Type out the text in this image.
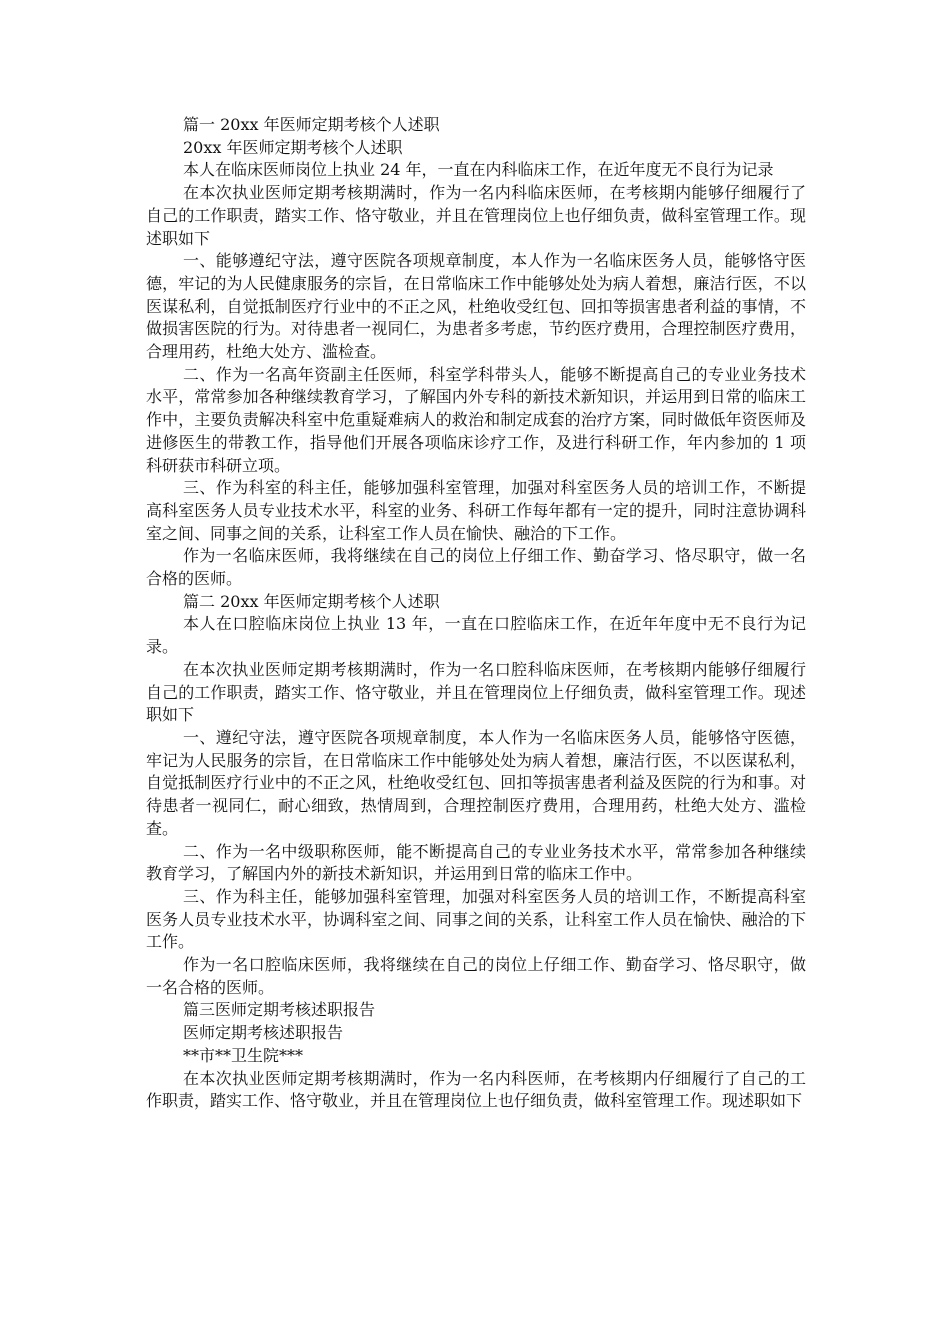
篇一 20xx 年医师定期考核个人述职

20xx 年医师定期考核个人述职

本人在临床医师岗位上执业 24 年，一直在内科临床工作，在近年度无不良行为记录

在本次执业医师定期考核期满时，作为一名内科临床医师，在考核期内能够仔细履行了自己的工作职责，踏实工作、恪守敬业，并且在管理岗位上也仔细负责，做科室管理工作。现述职如下

一、能够遵纪守法，遵守医院各项规章制度，本人作为一名临床医务人员，能够恪守医德，牢记的为人民健康服务的宗旨，在日常临床工作中能够处处为病人着想，廉洁行医，不以医谋私利，自觉抵制医疗行业中的不正之风，杜绝收受红包、回扣等损害患者利益的事情，不做损害医院的行为。对待患者一视同仁，为患者多考虑，节约医疗费用，合理控制医疗费用，合理用药，杜绝大处方、滥检查。

二、作为一名高年资副主任医师，科室学科带头人，能够不断提高自己的专业业务技术水平，常常参加各种继续教育学习，了解国内外专科的新技术新知识，并运用到日常的临床工作中，主要负责解决科室中危重疑难病人的救治和制定成套的治疗方案，同时做低年资医师及进修医生的带教工作，指导他们开展各项临床诊疗工作，及进行科研工作，年内参加的 1 项科研获市科研立项。

三、作为科室的科主任，能够加强科室管理，加强对科室医务人员的培训工作，不断提高科室医务人员专业技术水平，科室的业务、科研工作每年都有一定的提升，同时注意协调科室之间、同事之间的关系，让科室工作人员在愉快、融洽的下工作。

作为一名临床医师，我将继续在自己的岗位上仔细工作、勤奋学习、恪尽职守，做一名合格的医师。

篇二 20xx 年医师定期考核个人述职

本人在口腔临床岗位上执业 13 年，一直在口腔临床工作，在近年年度中无不良行为记录。

在本次执业医师定期考核期满时，作为一名口腔科临床医师，在考核期内能够仔细履行自己的工作职责，踏实工作、恪守敬业，并且在管理岗位上仔细负责，做科室管理工作。现述职如下

一、遵纪守法，遵守医院各项规章制度，本人作为一名临床医务人员，能够恪守医德，牢记为人民服务的宗旨，在日常临床工作中能够处处为病人着想，廉洁行医，不以医谋私利，自觉抵制医疗行业中的不正之风，杜绝收受红包、回扣等损害患者利益及医院的行为和事。对待患者一视同仁，耐心细致，热情周到，合理控制医疗费用，合理用药，杜绝大处方、滥检查。

二、作为一名中级职称医师，能不断提高自己的专业业务技术水平，常常参加各种继续教育学习，了解国内外的新技术新知识，并运用到日常的临床工作中。

三、作为科主任，能够加强科室管理，加强对科室医务人员的培训工作，不断提高科室医务人员专业技术水平，协调科室之间、同事之间的关系，让科室工作人员在愉快、融洽的下工作。

作为一名口腔临床医师，我将继续在自己的岗位上仔细工作、勤奋学习、恪尽职守，做一名合格的医师。

篇三医师定期考核述职报告

医师定期考核述职报告

**市**卫生院***

在本次执业医师定期考核期满时，作为一名内科医师，在考核期内仔细履行了自己的工作职责，踏实工作、恪守敬业，并且在管理岗位上也仔细负责，做科室管理工作。现述职如下
